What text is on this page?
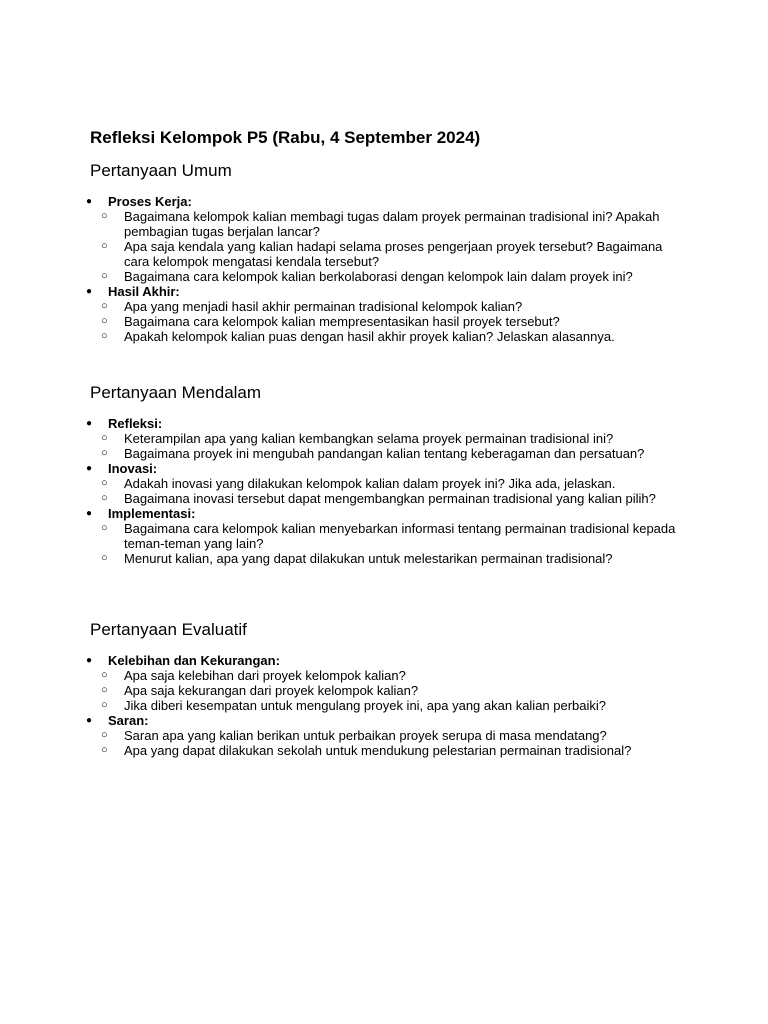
Refleksi Kelompok P5 (Rabu, 4 September 2024)
Pertanyaan Umum
● Proses Kerja:
○ Bagaimana kelompok kalian membagi tugas dalam proyek permainan tradisional ini? Apakah pembagian tugas berjalan lancar?
○ Apa saja kendala yang kalian hadapi selama proses pengerjaan proyek tersebut? Bagaimana cara kelompok mengatasi kendala tersebut?
○ Bagaimana cara kelompok kalian berkolaborasi dengan kelompok lain dalam proyek ini?
● Hasil Akhir:
○ Apa yang menjadi hasil akhir permainan tradisional kelompok kalian?
○ Bagaimana cara kelompok kalian mempresentasikan hasil proyek tersebut?
○ Apakah kelompok kalian puas dengan hasil akhir proyek kalian? Jelaskan alasannya.
Pertanyaan Mendalam
● Refleksi:
○ Keterampilan apa yang kalian kembangkan selama proyek permainan tradisional ini?
○ Bagaimana proyek ini mengubah pandangan kalian tentang keberagaman dan persatuan?
● Inovasi:
○ Adakah inovasi yang dilakukan kelompok kalian dalam proyek ini? Jika ada, jelaskan.
○ Bagaimana inovasi tersebut dapat mengembangkan permainan tradisional yang kalian pilih?
● Implementasi:
○ Bagaimana cara kelompok kalian menyebarkan informasi tentang permainan tradisional kepada teman-teman yang lain?
○ Menurut kalian, apa yang dapat dilakukan untuk melestarikan permainan tradisional?
Pertanyaan Evaluatif
● Kelebihan dan Kekurangan:
○ Apa saja kelebihan dari proyek kelompok kalian?
○ Apa saja kekurangan dari proyek kelompok kalian?
○ Jika diberi kesempatan untuk mengulang proyek ini, apa yang akan kalian perbaiki?
● Saran:
○ Saran apa yang kalian berikan untuk perbaikan proyek serupa di masa mendatang?
○ Apa yang dapat dilakukan sekolah untuk mendukung pelestarian permainan tradisional?
